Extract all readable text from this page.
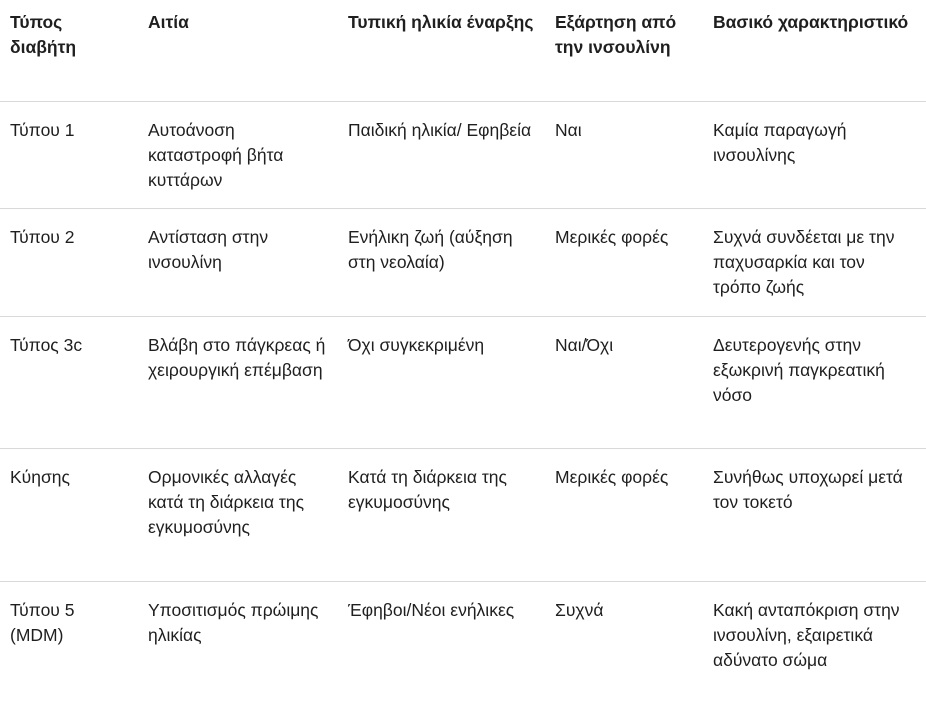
Τύπος διαβήτη	Αιτία	Τυπική ηλικία έναρξης	Εξάρτηση από την ινσουλίνη	Βασικό χαρακτηριστικό
Τύπου 1	Αυτοάνοση καταστροφή βήτα κυττάρων	Παιδική ηλικία/ Εφηβεία	Ναι	Καμία παραγωγή ινσουλίνης
Τύπου 2	Αντίσταση στην ινσουλίνη	Ενήλικη ζωή (αύξηση στη νεολαία)	Μερικές φορές	Συχνά συνδέεται με την παχυσαρκία και τον τρόπο ζωής
Τύπος 3c	Βλάβη στο πάγκρεας ή χειρουργική επέμβαση	Όχι συγκεκριμένη	Ναι/Όχι	Δευτερογενής στην εξωκρινή παγκρεατική νόσο
Κύησης	Ορμονικές αλλαγές κατά τη διάρκεια της εγκυμοσύνης	Κατά τη διάρκεια της εγκυμοσύνης	Μερικές φορές	Συνήθως υποχωρεί μετά τον τοκετό
Τύπου 5 (MDM)	Υποσιτισμός πρώιμης ηλικίας	Έφηβοι/Νέοι ενήλικες	Συχνά	Κακή ανταπόκριση στην ινσουλίνη, εξαιρετικά αδύνατο σώμα
